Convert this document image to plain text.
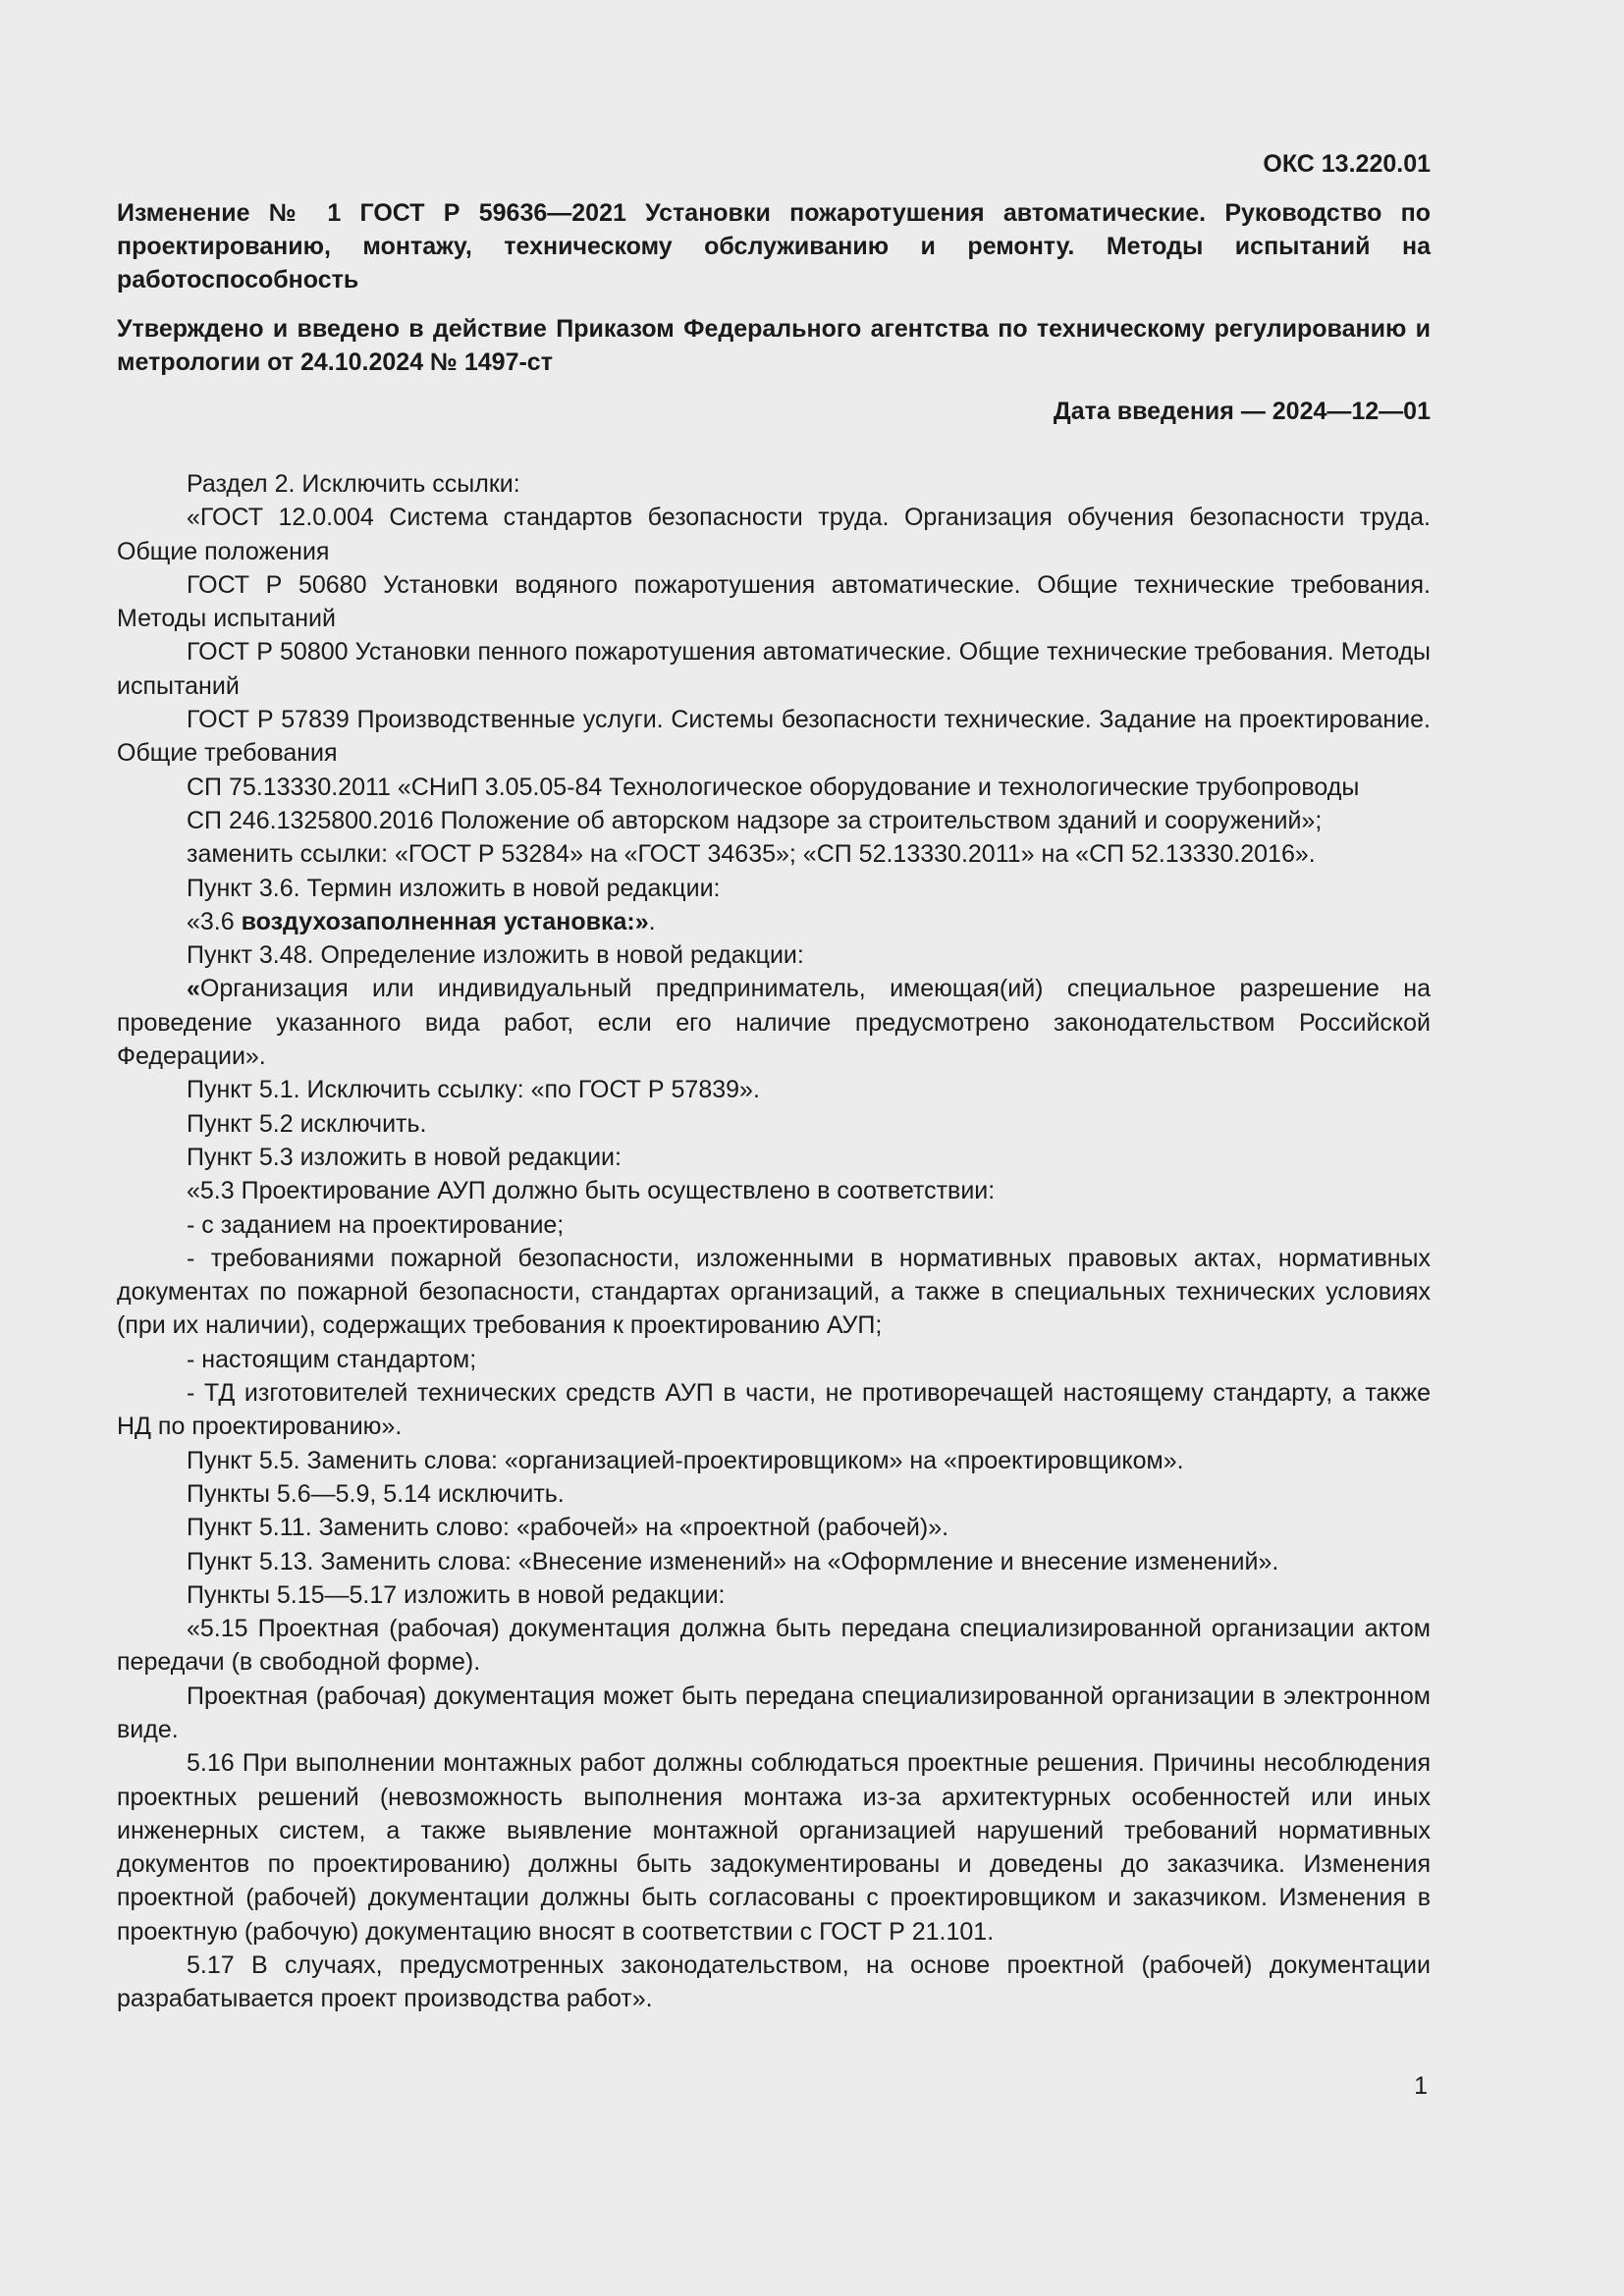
ОКС 13.220.01
Изменение № 1 ГОСТ Р 59636—2021 Установки пожаротушения автоматические. Руководство по проектированию, монтажу, техническому обслуживанию и ремонту. Методы испытаний на работоспособность
Утверждено и введено в действие Приказом Федерального агентства по техническому регулированию и метрологии от 24.10.2024 № 1497-ст
Дата введения — 2024—12—01

Раздел 2. Исключить ссылки:

«ГОСТ 12.0.004 Система стандартов безопасности труда. Организация обучения безопасности труда. Общие положения

ГОСТ Р 50680 Установки водяного пожаротушения автоматические. Общие технические требования. Методы испытаний

ГОСТ Р 50800 Установки пенного пожаротушения автоматические. Общие технические требования. Методы испытаний

ГОСТ Р 57839 Производственные услуги. Системы безопасности технические. Задание на проектирование. Общие требования

СП 75.13330.2011 «СНиП 3.05.05-84 Технологическое оборудование и технологические трубопроводы

СП 246.1325800.2016 Положение об авторском надзоре за строительством зданий и сооружений»;

заменить ссылки: «ГОСТ Р 53284» на «ГОСТ 34635»; «СП 52.13330.2011» на «СП 52.13330.2016».

Пункт 3.6. Термин изложить в новой редакции:

«3.6 воздухозаполненная установка:».

Пункт 3.48. Определение изложить в новой редакции:

«Организация или индивидуальный предприниматель, имеющая(ий) специальное разрешение на проведение указанного вида работ, если его наличие предусмотрено законодательством Российской Федерации».

Пункт 5.1. Исключить ссылку: «по ГОСТ Р 57839».

Пункт 5.2 исключить.

Пункт 5.3 изложить в новой редакции:

«5.3 Проектирование АУП должно быть осуществлено в соответствии:

- с заданием на проектирование;

- требованиями пожарной безопасности, изложенными в нормативных правовых актах, нормативных документах по пожарной безопасности, стандартах организаций, а также в специальных технических условиях (при их наличии), содержащих требования к проектированию АУП;

- настоящим стандартом;

- ТД изготовителей технических средств АУП в части, не противоречащей настоящему стандарту, а также НД по проектированию».

Пункт 5.5. Заменить слова: «организацией-проектировщиком» на «проектировщиком».

Пункты 5.6—5.9, 5.14 исключить.

Пункт 5.11. Заменить слово: «рабочей» на «проектной (рабочей)».

Пункт 5.13. Заменить слова: «Внесение изменений» на «Оформление и внесение изменений».

Пункты 5.15—5.17 изложить в новой редакции:

«5.15 Проектная (рабочая) документация должна быть передана специализированной организации актом передачи (в свободной форме).

Проектная (рабочая) документация может быть передана специализированной организации в электронном виде.

5.16 При выполнении монтажных работ должны соблюдаться проектные решения. Причины несоблюдения проектных решений (невозможность выполнения монтажа из-за архитектурных особенностей или иных инженерных систем, а также выявление монтажной организацией нарушений требований нормативных документов по проектированию) должны быть задокументированы и доведены до заказчика. Изменения проектной (рабочей) документации должны быть согласованы с проектировщиком и заказчиком. Изменения в проектную (рабочую) документацию вносят в соответствии с ГОСТ Р 21.101.

5.17 В случаях, предусмотренных законодательством, на основе проектной (рабочей) документации разрабатывается проект производства работ».

1
